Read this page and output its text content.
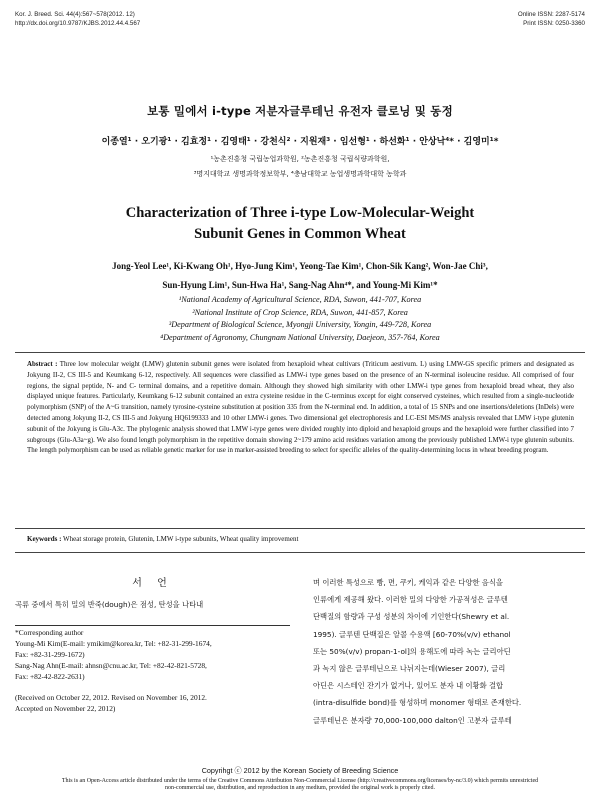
Kor. J. Breed. Sci. 44(4):567~578(2012. 12)
http://dx.doi.org/10.9787/KJBS.2012.44.4.567
Online ISSN: 2287-5174
Print ISSN: 0250-3360
보통 밀에서 i-type 저분자글루테닌 유전자 클로닝 및 동정
이종열¹ · 오기광¹ · 김효정¹ · 김영태¹ · 강천식² · 지원재³ · 임선형¹ · 하선화¹ · 안상낙⁴* · 김영미¹*
¹농촌진흥청 국립농업과학원, ²농촌진흥청 국립식량과학원,
³명지대학교 생명과학정보학부, ⁴충남대학교 농업생명과학대학 농학과
Characterization of Three i-type Low-Molecular-Weight
Subunit Genes in Common Wheat
Jong-Yeol Lee¹, Ki-Kwang Oh¹, Hyo-Jung Kim¹, Yeong-Tae Kim¹, Chon-Sik Kang², Won-Jae Chi³,
Sun-Hyung Lim¹, Sun-Hwa Ha¹, Sang-Nag Ahn⁴*, and Young-Mi Kim¹*
¹National Academy of Agricultural Science, RDA, Suwon, 441-707, Korea
²National Institute of Crop Science, RDA, Suwon, 441-857, Korea
³Department of Biological Science, Myongji University, Yongin, 449-728, Korea
⁴Department of Agronomy, Chungnam National University, Daejeon, 357-764, Korea
Abstract : Three low molecular weight (LMW) glutenin subunit genes were isolated from hexaploid wheat cultivars (Triticum aestivum. L) using LMW-GS specific primers and designated as Jokyung II-2, CS III-5 and Keumkang 6-12, respectively. All sequences were classified as LMW-i type genes based on the presence of an N-terminal isoleucine residue. All comprised of four regions, the signal peptide, N- and C- terminal domains, and a repetitive domain. Although they showed high similarity with other LMW-i type genes from hexaploid bread wheat, they also displayed unique features. Particularly, Keumkang 6-12 subunit contained an extra cysteine residue in the C-terminus except for eight conserved cysteines, which resulted from a single-nucleotide polymorphism (SNP) of the A~G transition, namely tyrosine-cysteine substitution at position 335 from the N-terminal end. In addition, a total of 15 SNPs and one insertions/deletions (InDels) were detected among Jokyung II-2, CS III-5 and Jokyung HQ6199333 and 10 other LMW-i genes. Two dimensional gel electrophoresis and LC-ESI MS/MS analysis revealed that LMW i-type glutenin subunit of the Jokyung is Glu-A3c. The phylogenic analysis showed that LMW i-type genes were divided roughly into diploid and hexaploid groups and the hexaploid were further classified into 7 subgroups (Glu-A3a~g). We also found length polymorphism in the repetitive domain showing 2~179 amino acid residues variation among the previously published LMW-i type glutenin subunits. The length polymorphism can be used as reliable genetic marker for use in marker-assisted breeding to select for specific alleles of the quality-determining locus in wheat breeding program.
Keywords : Wheat storage protein, Glutenin, LMW i-type subunits, Wheat quality improvement
서 언
곡류 중에서 특히 밀의 반죽(dough)은 점성, 탄성을 나타내
*Corresponding author
Young-Mi Kim(E-mail: ymikim@korea.kr, Tel: +82-31-299-1674,
Fax: +82-31-299-1672)
Sang-Nag Ahn(E-mail: ahnsn@cnu.ac.kr, Tel: +82-42-821-5728,
Fax: +82-42-822-2631)
(Received on October 22, 2012. Revised on November 16, 2012.
Accepted on November 22, 2012)
며 이러한 특성으로 빵, 면, 쿠키, 케익과 같은 다양한 음식을
인류에게 제공해 왔다. 이러한 밀의 다양한 가공적성은 글루텐
단백질의 함량과 구성 성분의 차이에 기인한다(Shewry et al.
1995). 글루텐 단백질은 알콜 수용액 [60-70%(v/v) ethanol
또는 50%(v/v) propan-1-ol]의 용해도에 따라 녹는 글리아딘
과 녹지 않은 글루테닌으로 나뉘지는데(Wieser 2007), 글리
아딘은 시스테인 잔기가 없거나, 있어도 분자 내 이황화 결합
(intra-disulfide bond)를 형성하며 monomer 형태로 존재한다.
글루테닌은 분자량 70,000-100,000 dalton인 고분자 글루테
Copyrihgt ⓒ 2012 by the Korean Society of Breeding Science
This is an Open-Access article distributed under the terms of the Creative Commons Attribution Non-Commercial License (http://creativecommons.org/licenses/by-nc/3.0) which permits unrestricted non-commercial use, distribution, and reproduction in any medium, provided the original work is properly cited.
